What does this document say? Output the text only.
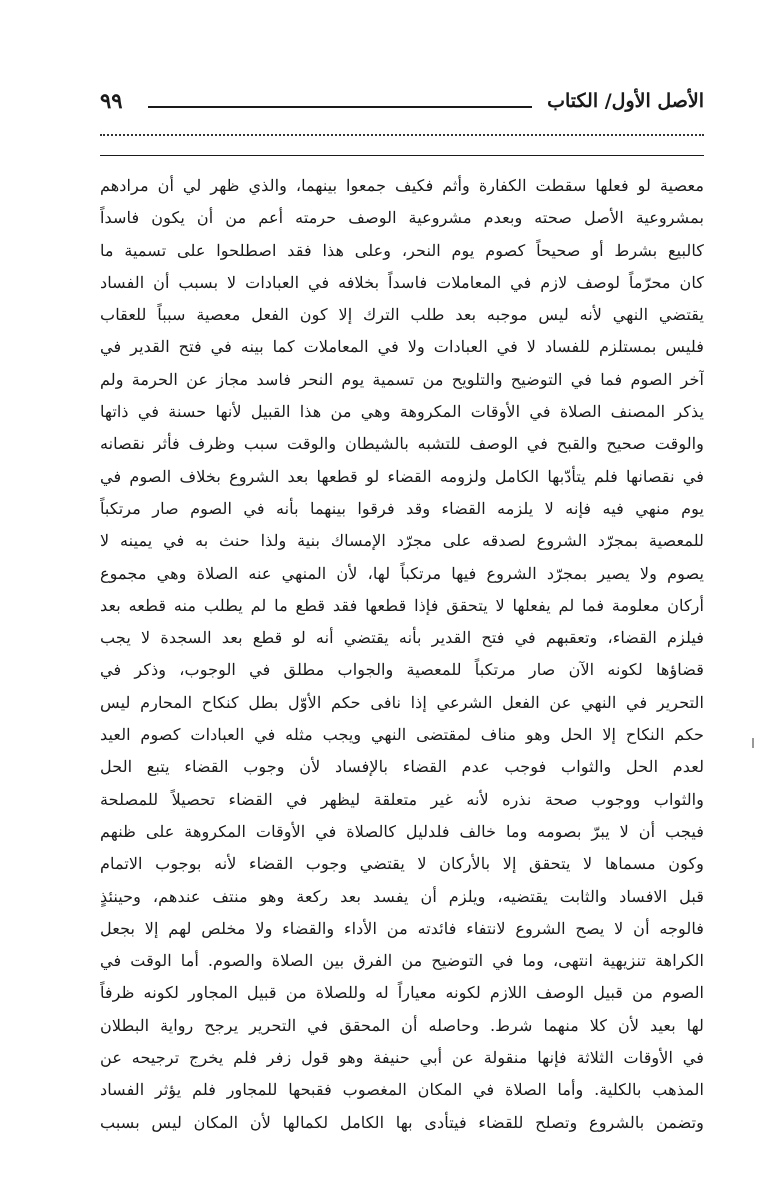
الأصل الأول/ الكتاب
٩٩
معصية لو فعلها سقطت الكفارة وأثم فكيف جمعوا بينهما، والذي ظهر لي أن مرادهم
بمشروعية الأصل صحته وبعدم مشروعية الوصف حرمته أعم من أن يكون فاسداً
كالبيع بشرط أو صحيحاً كصوم يوم النحر، وعلى هذا فقد اصطلحوا على تسمية ما
كان محرّماً لوصف لازم في المعاملات فاسداً بخلافه في العبادات لا بسبب أن الفساد
يقتضي النهي لأنه ليس موجبه بعد طلب الترك إلا كون الفعل معصية سبباً للعقاب
فليس بمستلزم للفساد لا في العبادات ولا في المعاملات كما بينه في فتح القدير في
آخر الصوم فما في التوضيح والتلويح من تسمية يوم النحر فاسد مجاز عن الحرمة ولم
يذكر المصنف الصلاة في الأوقات المكروهة وهي من هذا القبيل لأنها حسنة في ذاتها
والوقت صحيح والقبح في الوصف للتشبه بالشيطان والوقت سبب وظرف فأثر نقصانه
في نقصانها فلم يتأدّبها الكامل ولزومه القضاء لو قطعها بعد الشروع بخلاف الصوم في
يوم منهي فيه فإنه لا يلزمه القضاء وقد فرقوا بينهما بأنه في الصوم صار مرتكباً
للمعصية بمجرّد الشروع لصدقه على مجرّد الإمساك بنية ولذا حنث به في يمينه لا
يصوم ولا يصير بمجرّد الشروع فيها مرتكباً لها، لأن المنهي عنه الصلاة وهي مجموع
أركان معلومة فما لم يفعلها لا يتحقق فإذا قطعها فقد قطع ما لم يطلب منه قطعه بعد
فيلزم القضاء، وتعقبهم في فتح القدير بأنه يقتضي أنه لو قطع بعد السجدة لا يجب
قضاؤها لكونه الآن صار مرتكباً للمعصية والجواب مطلق في الوجوب، وذكر في
التحرير في النهي عن الفعل الشرعي إذا نافى حكم الأوّل بطل كنكاح المحارم ليس
حكم النكاح إلا الحل وهو مناف لمقتضى النهي ويجب مثله في العبادات كصوم العيد
لعدم الحل والثواب فوجب عدم القضاء بالإفساد لأن وجوب القضاء يتبع الحل
والثواب ووجوب صحة نذره لأنه غير متعلقة ليظهر في القضاء تحصيلاً للمصلحة
فيجب أن لا يبرّ بصومه وما خالف فلدليل كالصلاة في الأوقات المكروهة على ظنهم
وكون مسماها لا يتحقق إلا بالأركان لا يقتضي وجوب القضاء لأنه بوجوب الاتمام
قبل الافساد والثابت يقتضيه، ويلزم أن يفسد بعد ركعة وهو منتف عندهم، وحينئذٍ
فالوجه أن لا يصح الشروع لانتفاء فائدته من الأداء والقضاء ولا مخلص لهم إلا بجعل
الكراهة تنزيهية انتهى، وما في التوضيح من الفرق بين الصلاة والصوم. أما الوقت في
الصوم من قبيل الوصف اللازم لكونه معياراً له وللصلاة من قبيل المجاور لكونه ظرفاً
لها بعيد لأن كلا منهما شرط. وحاصله أن المحقق في التحرير يرجح رواية البطلان
في الأوقات الثلاثة فإنها منقولة عن أبي حنيفة وهو قول زفر فلم يخرج ترجيحه عن
المذهب بالكلية. وأما الصلاة في المكان المغصوب فقبحها للمجاور فلم يؤثر الفساد
وتضمن بالشروع وتصلح للقضاء فيتأدى بها الكامل لكمالها لأن المكان ليس بسبب
